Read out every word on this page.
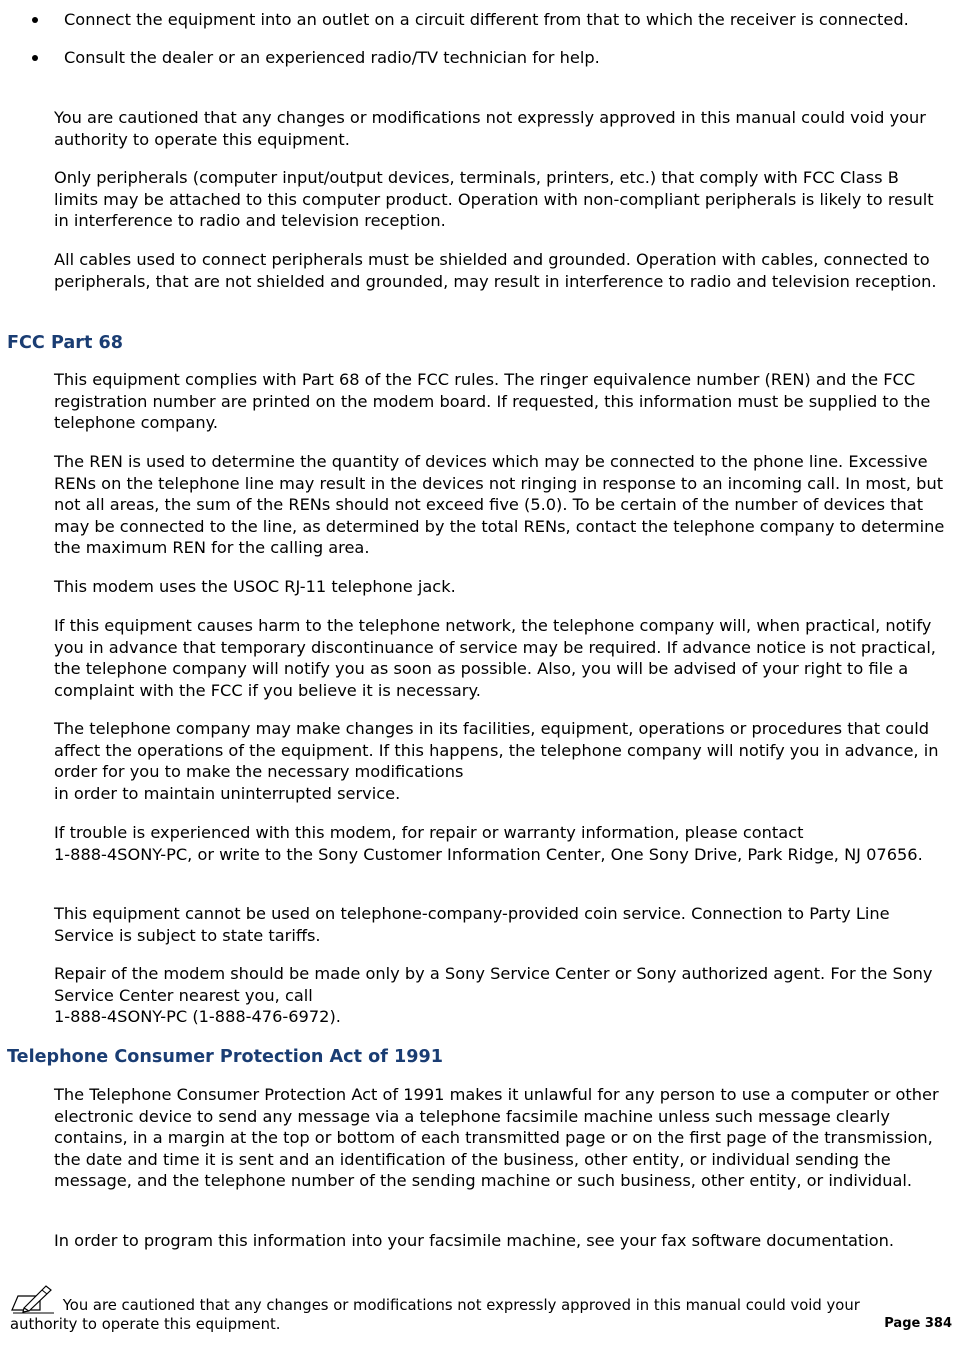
Connect the equipment into an outlet on a circuit different from that to which the receiver is connected.
Consult the dealer or an experienced radio/TV technician for help.

You are cautioned that any changes or modifications not expressly approved in this manual could void your authority to operate this equipment.

Only peripherals (computer input/output devices, terminals, printers, etc.) that comply with FCC Class B limits may be attached to this computer product. Operation with non-compliant peripherals is likely to result in interference to radio and television reception.

All cables used to connect peripherals must be shielded and grounded. Operation with cables, connected to peripherals, that are not shielded and grounded, may result in interference to radio and television reception.

FCC Part 68

This equipment complies with Part 68 of the FCC rules. The ringer equivalence number (REN) and the FCC registration number are printed on the modem board. If requested, this information must be supplied to the telephone company.

The REN is used to determine the quantity of devices which may be connected to the phone line. Excessive RENs on the telephone line may result in the devices not ringing in response to an incoming call. In most, but not all areas, the sum of the RENs should not exceed five (5.0). To be certain of the number of devices that may be connected to the line, as determined by the total RENs, contact the telephone company to determine the maximum REN for the calling area.

This modem uses the USOC RJ-11 telephone jack.

If this equipment causes harm to the telephone network, the telephone company will, when practical, notify you in advance that temporary discontinuance of service may be required. If advance notice is not practical, the telephone company will notify you as soon as possible. Also, you will be advised of your right to file a complaint with the FCC if you believe it is necessary.

The telephone company may make changes in its facilities, equipment, operations or procedures that could affect the operations of the equipment. If this happens, the telephone company will notify you in advance, in order for you to make the necessary modifications

in order to maintain uninterrupted service.

If trouble is experienced with this modem, for repair or warranty information, please contact

1-888-4SONY-PC, or write to the Sony Customer Information Center, One Sony Drive, Park Ridge, NJ 07656.

This equipment cannot be used on telephone-company-provided coin service. Connection to Party Line Service is subject to state tariffs.

Repair of the modem should be made only by a Sony Service Center or Sony authorized agent. For the Sony Service Center nearest you, call

1-888-4SONY-PC (1-888-476-6972).

Telephone Consumer Protection Act of 1991

The Telephone Consumer Protection Act of 1991 makes it unlawful for any person to use a computer or other electronic device to send any message via a telephone facsimile machine unless such message clearly contains, in a margin at the top or bottom of each transmitted page or on the first page of the transmission, the date and time it is sent and an identification of the business, other entity, or individual sending the message, and the telephone number of the sending machine or such business, other entity, or individual.

In order to program this information into your facsimile machine, see your fax software documentation.

You are cautioned that any changes or modifications not expressly approved in this manual could void your authority to operate this equipment.	Page 384
